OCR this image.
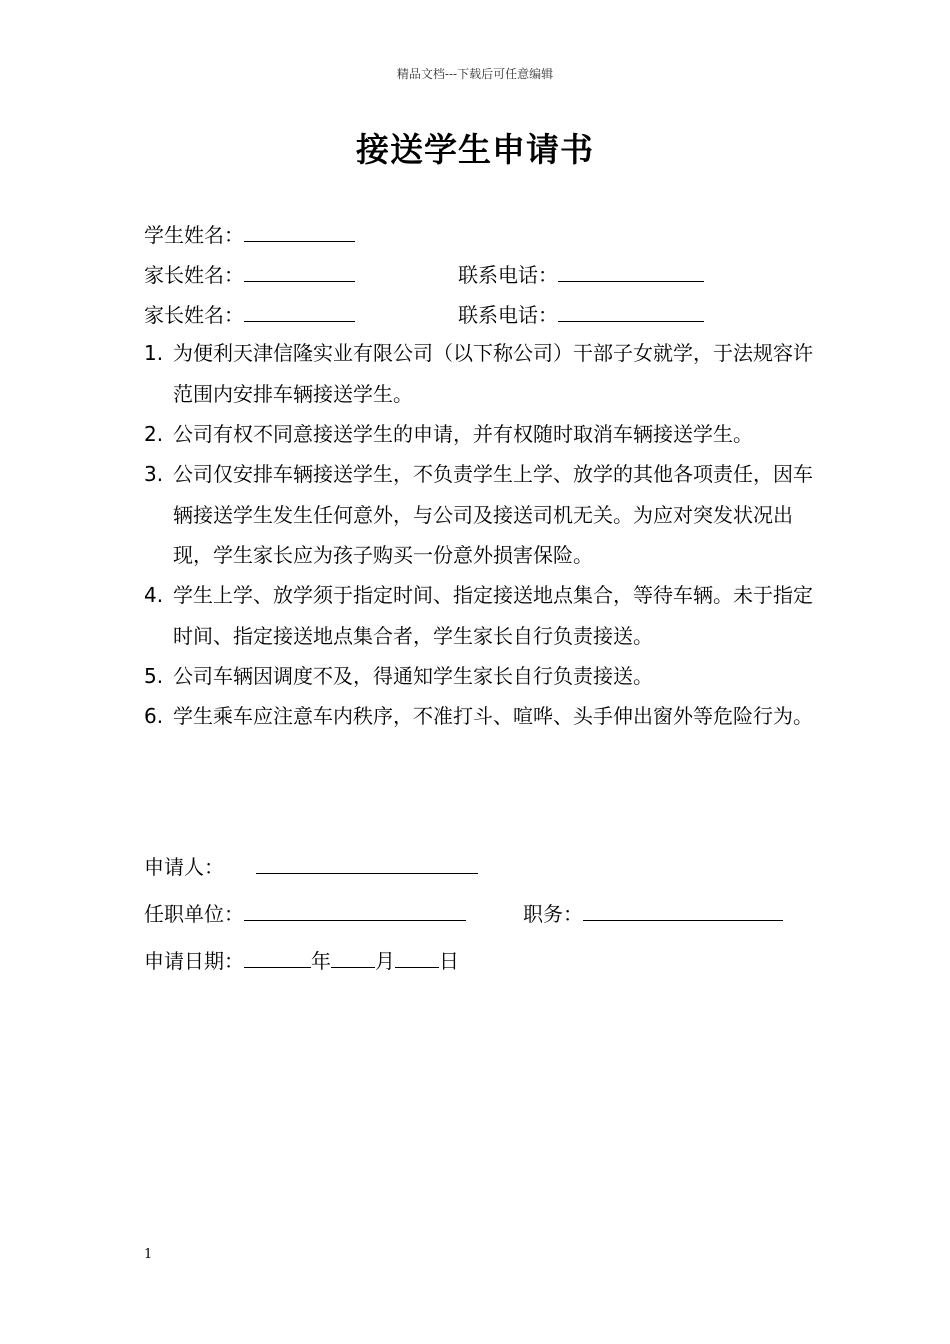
精品文档---下载后可任意编辑
接送学生申请书
学生姓名：
家长姓名：	联系电话：
家长姓名：	联系电话：
1. 为便利天津信隆实业有限公司（以下称公司）干部子女就学，于法规容许范围内安排车辆接送学生。
2. 公司有权不同意接送学生的申请，并有权随时取消车辆接送学生。
3. 公司仅安排车辆接送学生，不负责学生上学、放学的其他各项责任，因车辆接送学生发生任何意外，与公司及接送司机无关。为应对突发状况出现，学生家长应为孩子购买一份意外损害保险。
4. 学生上学、放学须于指定时间、指定接送地点集合，等待车辆。未于指定时间、指定接送地点集合者，学生家长自行负责接送。
5. 公司车辆因调度不及，得通知学生家长自行负责接送。
6. 学生乘车应注意车内秩序，不准打斗、喧哗、头手伸出窗外等危险行为。
申请人：
任职单位：	职务：
申请日期：	年 月 日
1
